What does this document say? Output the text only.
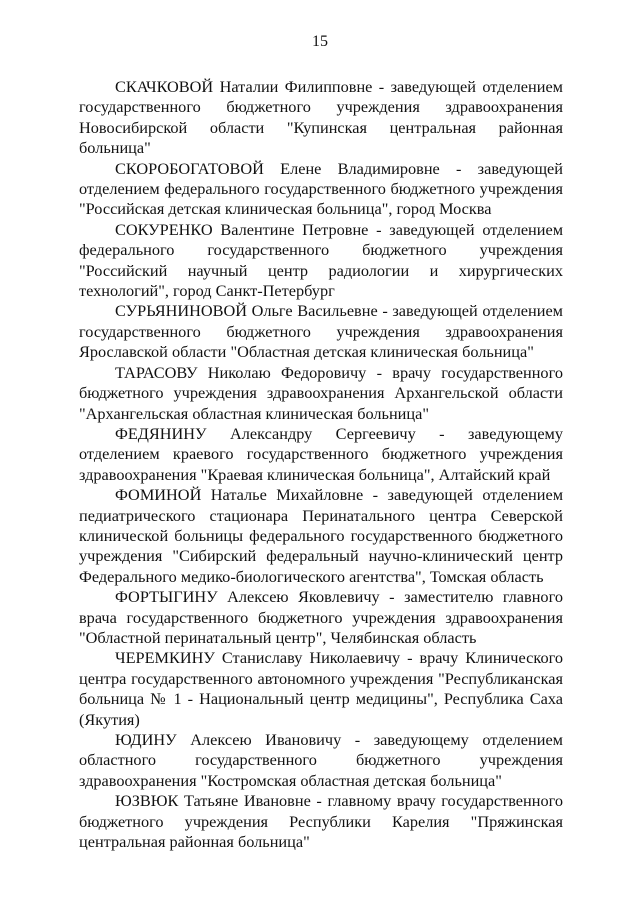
15

СКАЧКОВОЙ Наталии Филипповне - заведующей отделением государственного бюджетного учреждения здравоохранения Новосибирской области "Купинская центральная районная больница"

СКОРОБОГАТОВОЙ Елене Владимировне - заведующей отделением федерального государственного бюджетного учреждения "Российская детская клиническая больница", город Москва

СОКУРЕНКО Валентине Петровне - заведующей отделением федерального государственного бюджетного учреждения "Российский научный центр радиологии и хирургических технологий", город Санкт-Петербург

СУРЬЯНИНОВОЙ Ольге Васильевне - заведующей отделением государственного бюджетного учреждения здравоохранения Ярославской области "Областная детская клиническая больница"

ТАРАСОВУ Николаю Федоровичу - врачу государственного бюджетного учреждения здравоохранения Архангельской области "Архангельская областная клиническая больница"

ФЕДЯНИНУ Александру Сергеевичу - заведующему отделением краевого государственного бюджетного учреждения здравоохранения "Краевая клиническая больница", Алтайский край

ФОМИНОЙ Наталье Михайловне - заведующей отделением педиатрического стационара Перинатального центра Северской клинической больницы федерального государственного бюджетного учреждения "Сибирский федеральный научно-клинический центр Федерального медико-биологического агентства", Томская область

ФОРТЫГИНУ Алексею Яковлевичу - заместителю главного врача государственного бюджетного учреждения здравоохранения "Областной перинатальный центр", Челябинская область

ЧЕРЕМКИНУ Станиславу Николаевичу - врачу Клинического центра государственного автономного учреждения "Республиканская больница № 1 - Национальный центр медицины", Республика Саха (Якутия)

ЮДИНУ Алексею Ивановичу - заведующему отделением областного государственного бюджетного учреждения здравоохранения "Костромская областная детская больница"

ЮЗВЮК Татьяне Ивановне - главному врачу государственного бюджетного учреждения Республики Карелия "Пряжинская центральная районная больница"
